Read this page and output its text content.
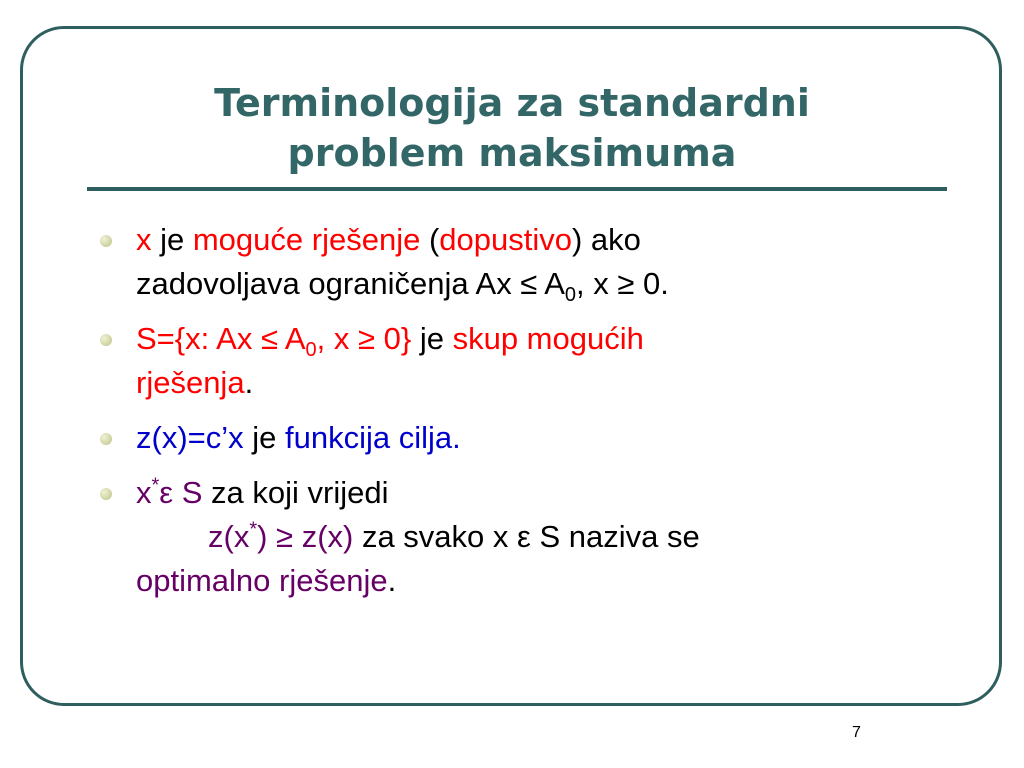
Terminologija za standardni
problem maksimuma
x je moguće rješenje (dopustivo) ako
zadovoljava ograničenja $Ax \le A_0$, x ≥ 0.
S={x: $Ax \le A_0$, x ≥ 0} je skup mogućih
rješenja.
z(x)=c’x je funkcija cilja.
x*ε S za koji vrijedi
z(x*) ≥ z(x) za svako x ε S naziva se
optimalno rješenje.
7
